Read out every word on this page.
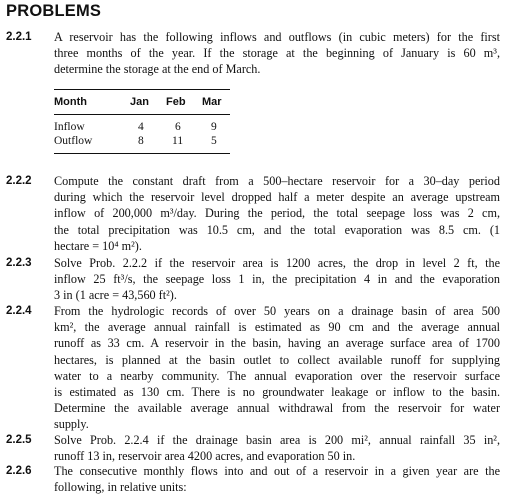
PROBLEMS
2.2.1 A reservoir has the following inflows and outflows (in cubic meters) for the first
three months of the year. If the storage at the beginning of January is 60 m³,
determine the storage at the end of March.
Month	Jan Feb Mar
Inflow	4	6	9
Outflow	8 11 5
2.2.2 Compute the constant draft from a 500–hectare reservoir for a 30–day period
during which the reservoir level dropped half a meter despite an average upstream
inflow of 200,000 m³/day. During the period, the total seepage loss was 2 cm,
the total precipitation was 10.5 cm, and the total evaporation was 8.5 cm. (1
hectare = 10⁴ m²).
2.2.3 Solve Prob. 2.2.2 if the reservoir area is 1200 acres, the drop in level 2 ft, the
inflow 25 ft³/s, the seepage loss 1 in, the precipitation 4 in and the evaporation
3 in (1 acre = 43,560 ft²).
2.2.4 From the hydrologic records of over 50 years on a drainage basin of area 500
km², the average annual rainfall is estimated as 90 cm and the average annual
runoff as 33 cm. A reservoir in the basin, having an average surface area of 1700
hectares, is planned at the basin outlet to collect available runoff for supplying
water to a nearby community. The annual evaporation over the reservoir surface
is estimated as 130 cm. There is no groundwater leakage or inflow to the basin.
Determine the available average annual withdrawal from the reservoir for water
supply.
2.2.5 Solve Prob. 2.2.4 if the drainage basin area is 200 mi², annual rainfall 35 in²,
runoff 13 in, reservoir area 4200 acres, and evaporation 50 in.
2.2.6 The consecutive monthly flows into and out of a reservoir in a given year are the
following, in relative units:
